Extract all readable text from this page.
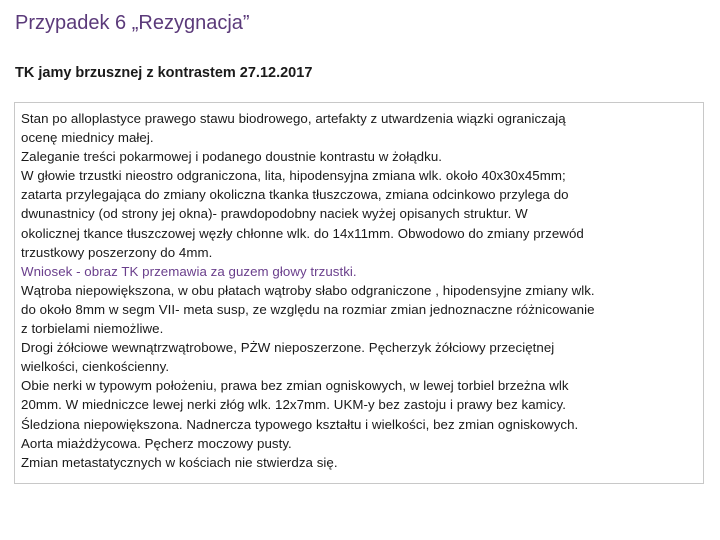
Przypadek 6 „Rezygnacja”
TK jamy brzusznej z kontrastem 27.12.2017

Stan po alloplastyce prawego stawu biodrowego, artefakty z utwardzenia wiązki ograniczają

ocenę miednicy małej.

Zaleganie treści pokarmowej i podanego doustnie kontrastu w żołądku.

W głowie trzustki nieostro odgraniczona, lita, hipodensyjna zmiana wlk. około 40x30x45mm;

zatarta przylegająca do zmiany okoliczna tkanka tłuszczowa, zmiana odcinkowo przylega do

dwunastnicy (od strony jej okna)- prawdopodobny naciek wyżej opisanych struktur. W

okolicznej tkance tłuszczowej węzły chłonne wlk. do 14x11mm. Obwodowo do zmiany przewód

trzustkowy poszerzony do 4mm.

Wniosek - obraz TK przemawia za guzem głowy trzustki.

Wątroba niepowiększona, w obu płatach wątroby słabo odgraniczone , hipodensyjne zmiany wlk.

do około 8mm w segm VII- meta susp, ze względu na rozmiar zmian jednoznaczne różnicowanie

z torbielami niemożliwe.

Drogi żółciowe wewnątrzwątrobowe, PŻW nieposzerzone. Pęcherzyk żółciowy przeciętnej

wielkości, cienkościenny.

Obie nerki w typowym położeniu, prawa bez zmian ogniskowych, w lewej torbiel brzeżna wlk

20mm. W miedniczce lewej nerki złóg wlk. 12x7mm. UKM-y bez zastoju i prawy bez kamicy.

Śledziona niepowiększona. Nadnercza typowego kształtu i wielkości, bez zmian ogniskowych.

Aorta miażdżycowa. Pęcherz moczowy pusty.

Zmian metastatycznych w kościach nie stwierdza się.
